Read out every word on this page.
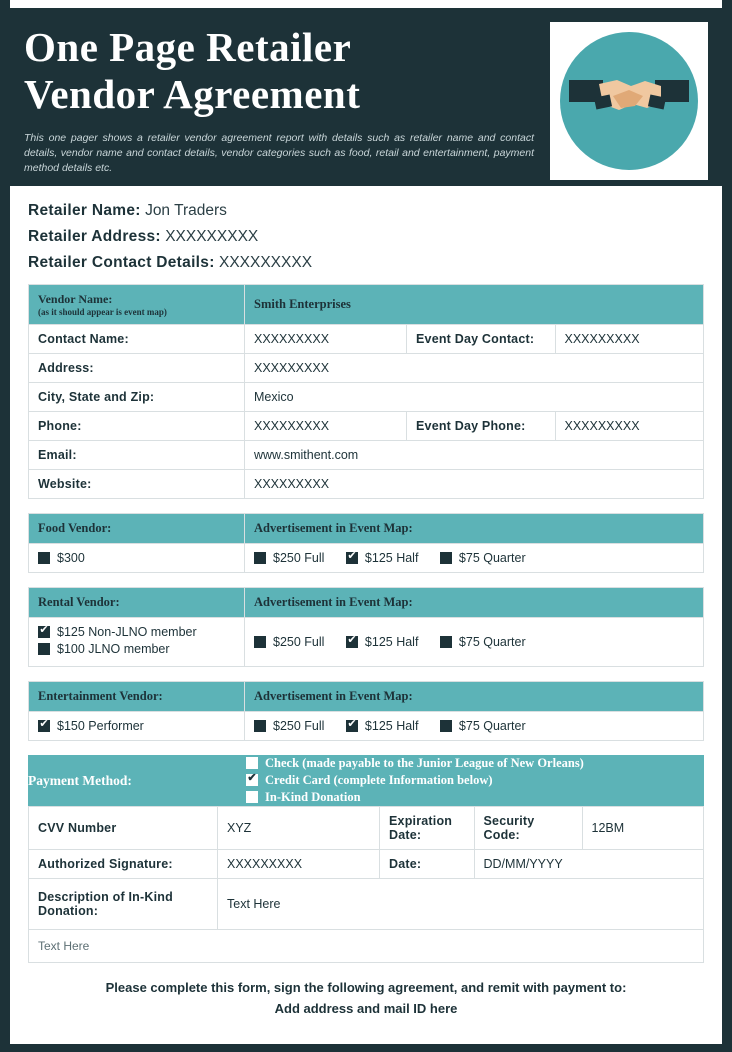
One Page Retailer
Vendor Agreement
This one pager shows a retailer vendor agreement report with details such as retailer name and contact details, vendor name and contact details, vendor categories such as food, retail and entertainment, payment method details etc.
Retailer Name: Jon Traders
Retailer Address: XXXXXXXXX
Retailer Contact Details: XXXXXXXXX
Vendor Name:
(as it should appear is event map)	Smith Enterprises		
Contact Name:	XXXXXXXXX	Event Day Contact:	XXXXXXXXX
Address:	XXXXXXXXX		
City, State and Zip:	Mexico		
Phone:	XXXXXXXXX	Event Day Phone:	XXXXXXXXX
Email:	www.smithent.com		
Website:	XXXXXXXXX		
Food Vendor:	Advertisement in Event Map:
$300	$250 Full ✔ $125 Half $75 Quarter
Rental Vendor:	Advertisement in Event Map:

✔$125 Non-JLNO member
$100 JLNO member	$250 Full ✔ $125 Half $75 Quarter
Entertainment Vendor:	Advertisement in Event Map:
✔$150 Performer	$250 Full ✔ $125 Half $75 Quarter
Payment Method:	
Check (made payable to the Junior League of New Orleans)
✔Credit Card (complete Information below)
In-Kind Donation
CVV Number	XYZ	Expiration Date:	Security Code:	12BM
Authorized Signature:	XXXXXXXXX	Date:	DD/MM/YYYY	
Description of In-Kind Donation:	Text Here			
Text Here
Please complete this form, sign the following agreement, and remit with payment to:
Add address and mail ID here
